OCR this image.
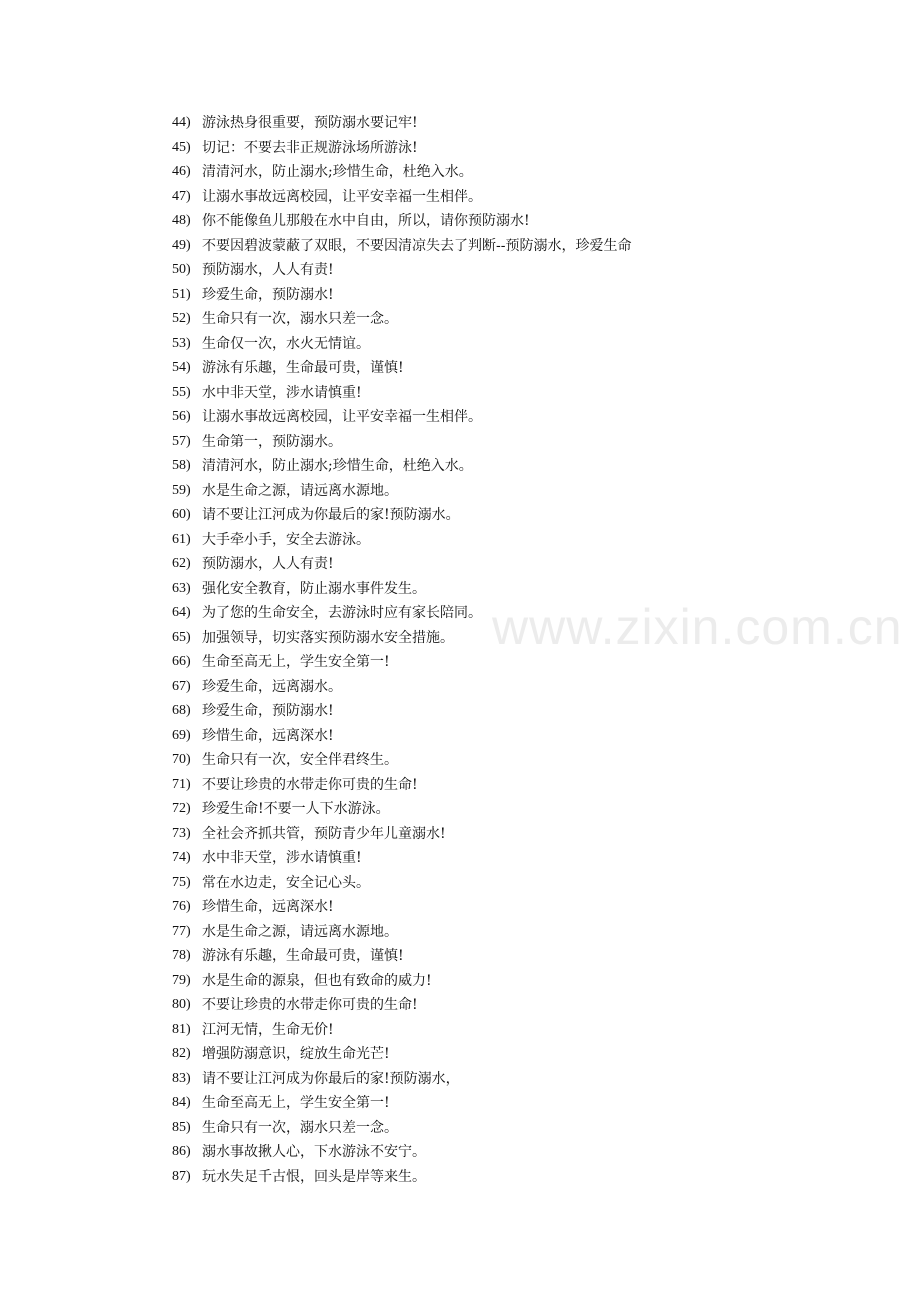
www.zixin.com.cn
44) 游泳热身很重要，预防溺水要记牢!
45) 切记：不要去非正规游泳场所游泳!
46) 清清河水，防止溺水;珍惜生命，杜绝入水。
47) 让溺水事故远离校园，让平安幸福一生相伴。
48) 你不能像鱼儿那般在水中自由，所以，请你预防溺水!
49) 不要因碧波蒙蔽了双眼，不要因清凉失去了判断--预防溺水，珍爱生命
50) 预防溺水，人人有责!
51) 珍爱生命，预防溺水!
52) 生命只有一次，溺水只差一念。
53) 生命仅一次，水火无情谊。
54) 游泳有乐趣，生命最可贵，谨慎!
55) 水中非天堂，涉水请慎重!
56) 让溺水事故远离校园，让平安幸福一生相伴。
57) 生命第一，预防溺水。
58) 清清河水，防止溺水;珍惜生命，杜绝入水。
59) 水是生命之源，请远离水源地。
60) 请不要让江河成为你最后的家!预防溺水。
61) 大手牵小手，安全去游泳。
62) 预防溺水，人人有责!
63) 强化安全教育，防止溺水事件发生。
64) 为了您的生命安全，去游泳时应有家长陪同。
65) 加强领导，切实落实预防溺水安全措施。
66) 生命至高无上，学生安全第一!
67) 珍爱生命，远离溺水。
68) 珍爱生命，预防溺水!
69) 珍惜生命，远离深水!
70) 生命只有一次，安全伴君终生。
71) 不要让珍贵的水带走你可贵的生命!
72) 珍爱生命!不要一人下水游泳。
73) 全社会齐抓共管，预防青少年儿童溺水!
74) 水中非天堂，涉水请慎重!
75) 常在水边走，安全记心头。
76) 珍惜生命，远离深水!
77) 水是生命之源，请远离水源地。
78) 游泳有乐趣，生命最可贵，谨慎!
79) 水是生命的源泉，但也有致命的威力!
80) 不要让珍贵的水带走你可贵的生命!
81) 江河无情，生命无价!
82) 增强防溺意识，绽放生命光芒!
83) 请不要让江河成为你最后的家!预防溺水，
84) 生命至高无上，学生安全第一!
85) 生命只有一次，溺水只差一念。
86) 溺水事故揪人心，下水游泳不安宁。
87) 玩水失足千古恨，回头是岸等来生。
